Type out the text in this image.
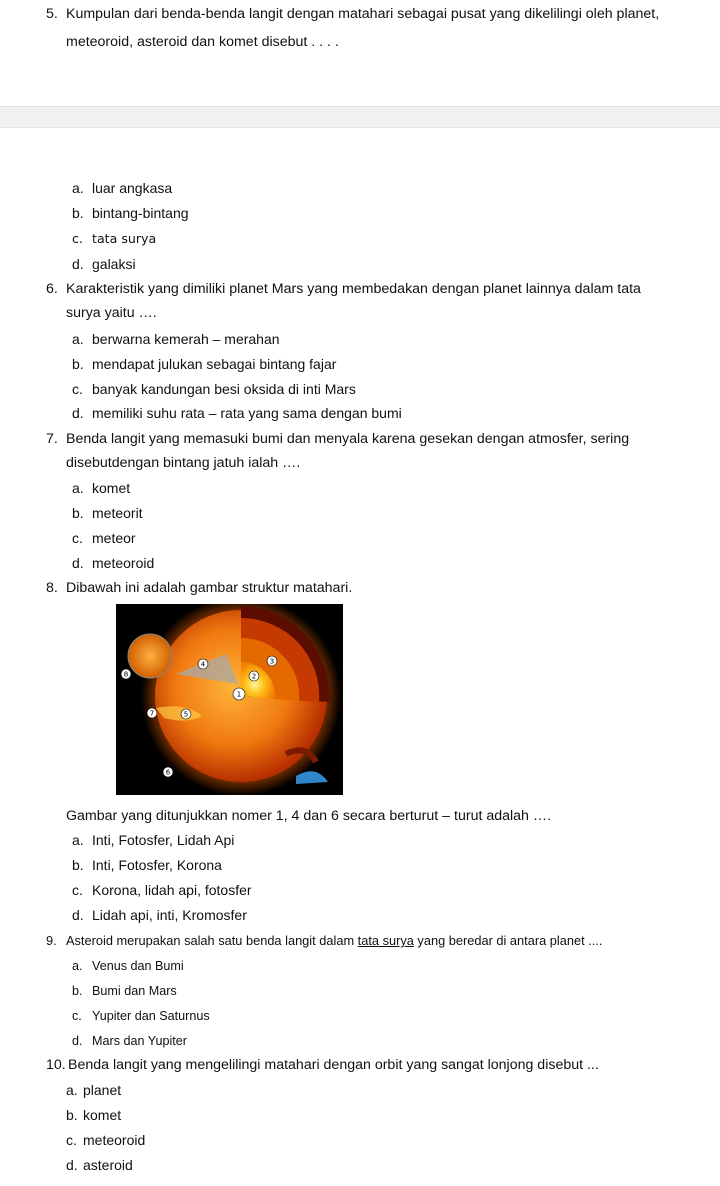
5. Kumpulan dari benda-benda langit dengan matahari sebagai pusat yang dikelilingi oleh planet,
meteoroid, asteroid dan komet disebut . . . .
a. luar angkasa
b. bintang-bintang
c. tata surya
d. galaksi
6. Karakteristik yang dimiliki planet Mars yang membedakan dengan planet lainnya dalam tata
surya yaitu ….
a. berwarna kemerah – merahan
b. mendapat julukan sebagai bintang fajar
c. banyak kandungan besi oksida di inti Mars
d. memiliki suhu rata – rata yang sama dengan bumi
7. Benda langit yang memasuki bumi dan menyala karena gesekan dengan atmosfer, sering
disebutdengan bintang jatuh ialah ….
a. komet
b. meteorit
c. meteor
d. meteoroid
8. Dibawah ini adalah gambar struktur matahari.
1
2
3
4
5
6
7
8
Gambar yang ditunjukkan nomer 1, 4 dan 6 secara berturut – turut adalah ….
a. Inti, Fotosfer, Lidah Api
b. Inti, Fotosfer, Korona
c. Korona, lidah api, fotosfer
d. Lidah api, inti, Kromosfer
9. Asteroid merupakan salah satu benda langit dalam tata surya yang beredar di antara planet ....
a. Venus dan Bumi
b. Bumi dan Mars
c. Yupiter dan Saturnus
d. Mars dan Yupiter
10. Benda langit yang mengelilingi matahari dengan orbit yang sangat lonjong disebut ...
a. planet
b. komet
c. meteoroid
d. asteroid
